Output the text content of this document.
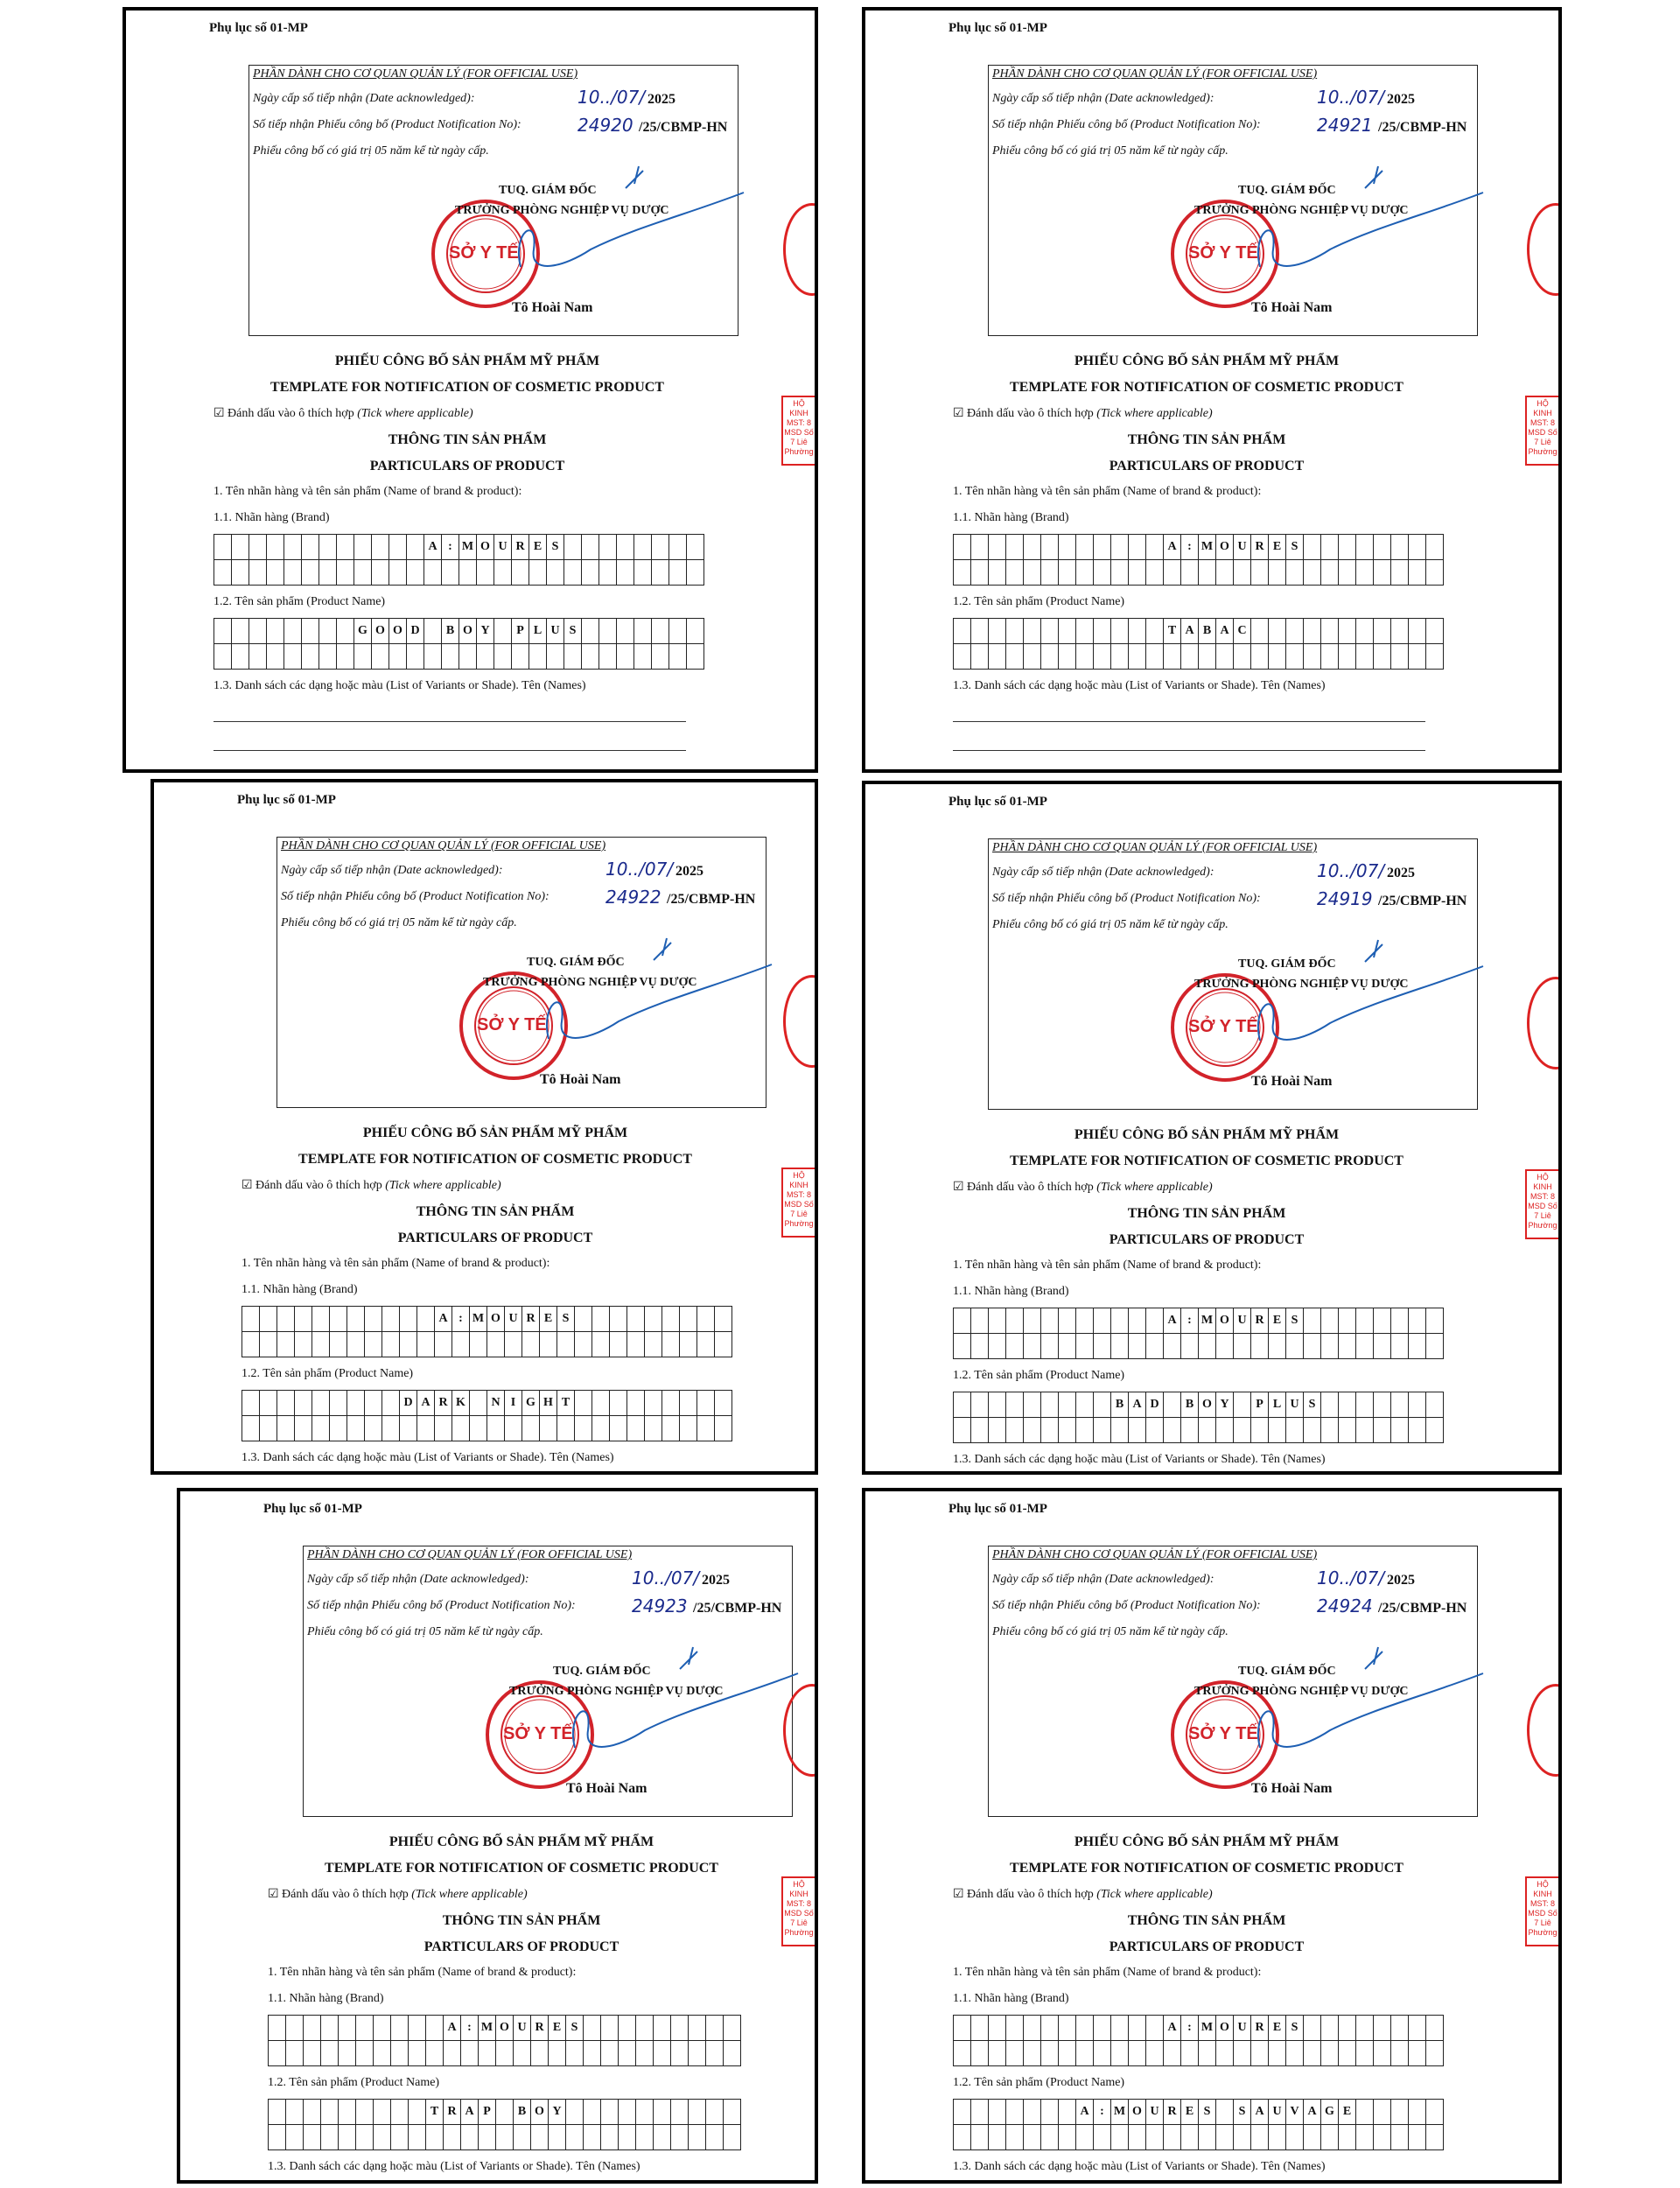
Phụ lục số 01-MP
PHẦN DÀNH CHO CƠ QUAN QUẢN LÝ (FOR OFFICIAL USE)
Ngày cấp số tiếp nhận (Date acknowledged):
Số tiếp nhận Phiếu công bố (Product Notification No):
Phiếu công bố có giá trị 05 năm kể từ ngày cấp.
10../07/ 2025
24920 /25/CBMP-HN
SỞ Y TẾ
TUQ. GIÁM ĐỐC
TRƯỞNG PHÒNG NGHIỆP VỤ DƯỢC
Tô Hoài Nam
PHIẾU CÔNG BỐ SẢN PHẨM MỸ PHẨM
TEMPLATE FOR NOTIFICATION OF COSMETIC PRODUCT
☑ Đánh dấu vào ô thích hợp (Tick where applicable)
THÔNG TIN SẢN PHẨM
PARTICULARS OF PRODUCT
1. Tên nhãn hàng và tên sản phẩm (Name of brand & product):
1.1. Nhãn hàng (Brand)
												A	:	M	O	U	R	E	S								

1.2. Tên sản phẩm (Product Name)
								G	O	O	D		B	O	Y		P	L	U	S							

1.3. Danh sách các dạng hoặc màu (List of Variants or Shade). Tên (Names)
HỘ KINH MST: 8 MSD Số 7 Liê Phường
Phụ lục số 01-MP
PHẦN DÀNH CHO CƠ QUAN QUẢN LÝ (FOR OFFICIAL USE)
Ngày cấp số tiếp nhận (Date acknowledged):
Số tiếp nhận Phiếu công bố (Product Notification No):
Phiếu công bố có giá trị 05 năm kể từ ngày cấp.
10../07/ 2025
24921 /25/CBMP-HN
SỞ Y TẾ
TUQ. GIÁM ĐỐC
TRƯỞNG PHÒNG NGHIỆP VỤ DƯỢC
Tô Hoài Nam
PHIẾU CÔNG BỐ SẢN PHẨM MỸ PHẨM
TEMPLATE FOR NOTIFICATION OF COSMETIC PRODUCT
☑ Đánh dấu vào ô thích hợp (Tick where applicable)
THÔNG TIN SẢN PHẨM
PARTICULARS OF PRODUCT
1. Tên nhãn hàng và tên sản phẩm (Name of brand & product):
1.1. Nhãn hàng (Brand)
												A	:	M	O	U	R	E	S								

1.2. Tên sản phẩm (Product Name)
												T	A	B	A	C											

1.3. Danh sách các dạng hoặc màu (List of Variants or Shade). Tên (Names)
HỘ KINH MST: 8 MSD Số 7 Liê Phường
Phụ lục số 01-MP
PHẦN DÀNH CHO CƠ QUAN QUẢN LÝ (FOR OFFICIAL USE)
Ngày cấp số tiếp nhận (Date acknowledged):
Số tiếp nhận Phiếu công bố (Product Notification No):
Phiếu công bố có giá trị 05 năm kể từ ngày cấp.
10../07/ 2025
24922 /25/CBMP-HN
SỞ Y TẾ
TUQ. GIÁM ĐỐC
TRƯỞNG PHÒNG NGHIỆP VỤ DƯỢC
Tô Hoài Nam
PHIẾU CÔNG BỐ SẢN PHẨM MỸ PHẨM
TEMPLATE FOR NOTIFICATION OF COSMETIC PRODUCT
☑ Đánh dấu vào ô thích hợp (Tick where applicable)
THÔNG TIN SẢN PHẨM
PARTICULARS OF PRODUCT
1. Tên nhãn hàng và tên sản phẩm (Name of brand & product):
1.1. Nhãn hàng (Brand)
											A	:	M	O	U	R	E	S									

1.2. Tên sản phẩm (Product Name)
									D	A	R	K		N	I	G	H	T									

1.3. Danh sách các dạng hoặc màu (List of Variants or Shade). Tên (Names)
HỘ KINH MST: 8 MSD Số 7 Liê Phường
Phụ lục số 01-MP
PHẦN DÀNH CHO CƠ QUAN QUẢN LÝ (FOR OFFICIAL USE)
Ngày cấp số tiếp nhận (Date acknowledged):
Số tiếp nhận Phiếu công bố (Product Notification No):
Phiếu công bố có giá trị 05 năm kể từ ngày cấp.
10../07/ 2025
24919 /25/CBMP-HN
SỞ Y TẾ
TUQ. GIÁM ĐỐC
TRƯỞNG PHÒNG NGHIỆP VỤ DƯỢC
Tô Hoài Nam
PHIẾU CÔNG BỐ SẢN PHẨM MỸ PHẨM
TEMPLATE FOR NOTIFICATION OF COSMETIC PRODUCT
☑ Đánh dấu vào ô thích hợp (Tick where applicable)
THÔNG TIN SẢN PHẨM
PARTICULARS OF PRODUCT
1. Tên nhãn hàng và tên sản phẩm (Name of brand & product):
1.1. Nhãn hàng (Brand)
												A	:	M	O	U	R	E	S								

1.2. Tên sản phẩm (Product Name)
									B	A	D		B	O	Y		P	L	U	S							

1.3. Danh sách các dạng hoặc màu (List of Variants or Shade). Tên (Names)
HỘ KINH MST: 8 MSD Số 7 Liê Phường
Phụ lục số 01-MP
PHẦN DÀNH CHO CƠ QUAN QUẢN LÝ (FOR OFFICIAL USE)
Ngày cấp số tiếp nhận (Date acknowledged):
Số tiếp nhận Phiếu công bố (Product Notification No):
Phiếu công bố có giá trị 05 năm kể từ ngày cấp.
10../07/ 2025
24923 /25/CBMP-HN
SỞ Y TẾ
TUQ. GIÁM ĐỐC
TRƯỞNG PHÒNG NGHIỆP VỤ DƯỢC
Tô Hoài Nam
PHIẾU CÔNG BỐ SẢN PHẨM MỸ PHẨM
TEMPLATE FOR NOTIFICATION OF COSMETIC PRODUCT
☑ Đánh dấu vào ô thích hợp (Tick where applicable)
THÔNG TIN SẢN PHẨM
PARTICULARS OF PRODUCT
1. Tên nhãn hàng và tên sản phẩm (Name of brand & product):
1.1. Nhãn hàng (Brand)
										A	:	M	O	U	R	E	S									

1.2. Tên sản phẩm (Product Name)
									T	R	A	P		B	O	Y										

1.3. Danh sách các dạng hoặc màu (List of Variants or Shade). Tên (Names)
HỘ KINH MST: 8 MSD Số 7 Liê Phường
Phụ lục số 01-MP
PHẦN DÀNH CHO CƠ QUAN QUẢN LÝ (FOR OFFICIAL USE)
Ngày cấp số tiếp nhận (Date acknowledged):
Số tiếp nhận Phiếu công bố (Product Notification No):
Phiếu công bố có giá trị 05 năm kể từ ngày cấp.
10../07/ 2025
24924 /25/CBMP-HN
SỞ Y TẾ
TUQ. GIÁM ĐỐC
TRƯỞNG PHÒNG NGHIỆP VỤ DƯỢC
Tô Hoài Nam
PHIẾU CÔNG BỐ SẢN PHẨM MỸ PHẨM
TEMPLATE FOR NOTIFICATION OF COSMETIC PRODUCT
☑ Đánh dấu vào ô thích hợp (Tick where applicable)
THÔNG TIN SẢN PHẨM
PARTICULARS OF PRODUCT
1. Tên nhãn hàng và tên sản phẩm (Name of brand & product):
1.1. Nhãn hàng (Brand)
												A	:	M	O	U	R	E	S								

1.2. Tên sản phẩm (Product Name)
							A	:	M	O	U	R	E	S		S	A	U	V	A	G	E					

1.3. Danh sách các dạng hoặc màu (List of Variants or Shade). Tên (Names)
HỘ KINH MST: 8 MSD Số 7 Liê Phường
